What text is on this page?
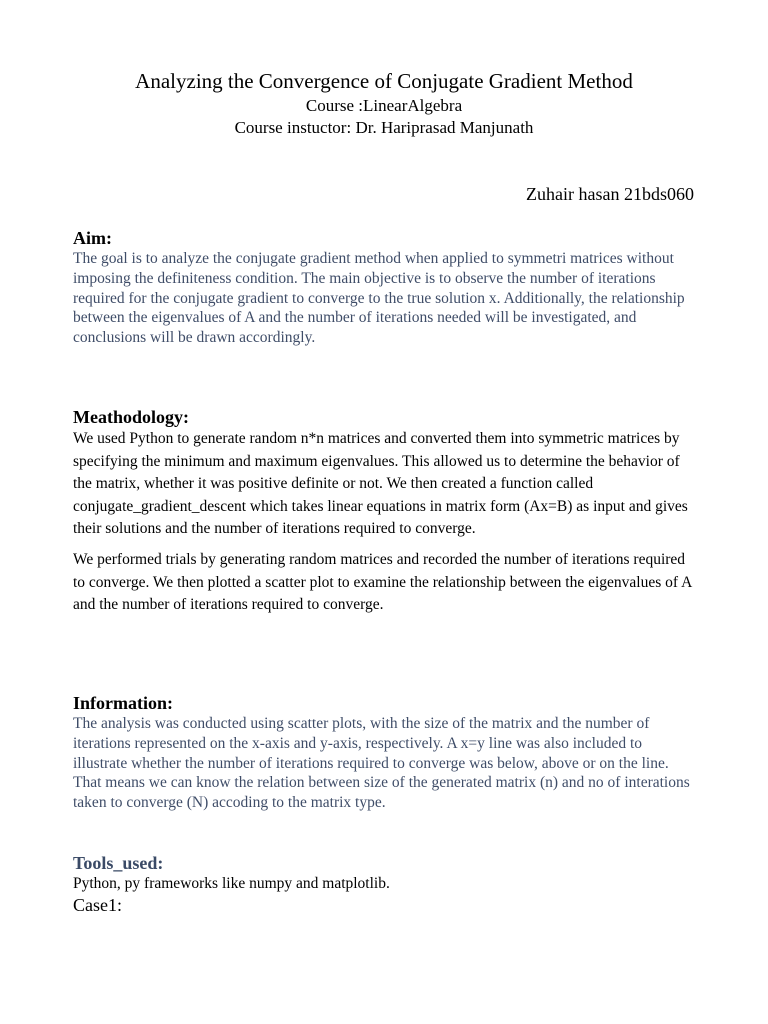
Analyzing the Convergence of Conjugate Gradient Method
Course :LinearAlgebra
Course instuctor: Dr. Hariprasad Manjunath
Zuhair hasan 21bds060
Aim:
The goal is to analyze the conjugate gradient method when applied to symmetri matrices without imposing the definiteness condition. The main objective is to observe the number of iterations required for the conjugate gradient to converge to the true solution x. Additionally, the relationship between the eigenvalues of A and the number of iterations needed will be investigated, and conclusions will be drawn accordingly.
Meathodology:
We used Python to generate random n*n matrices and converted them into symmetric matrices by specifying the minimum and maximum eigenvalues. This allowed us to determine the behavior of the matrix, whether it was positive definite or not. We then created a function called conjugate_gradient_descent which takes linear equations in matrix form (Ax=B) as input and gives their solutions and the number of iterations required to converge.
We performed trials by generating random matrices and recorded the number of iterations required to converge. We then plotted a scatter plot to examine the relationship between the eigenvalues of A and the number of iterations required to converge.
Information:
The analysis was conducted using scatter plots, with the size of the matrix and the number of iterations represented on the x-axis and y-axis, respectively. A x=y line was also included to illustrate whether the number of iterations required to converge was below, above or on the line. That means we can know the relation between size of the generated matrix (n) and no of interations taken to converge (N) accoding to the matrix type.
Tools_used:
Python, py frameworks like numpy and matplotlib.
Case1:
